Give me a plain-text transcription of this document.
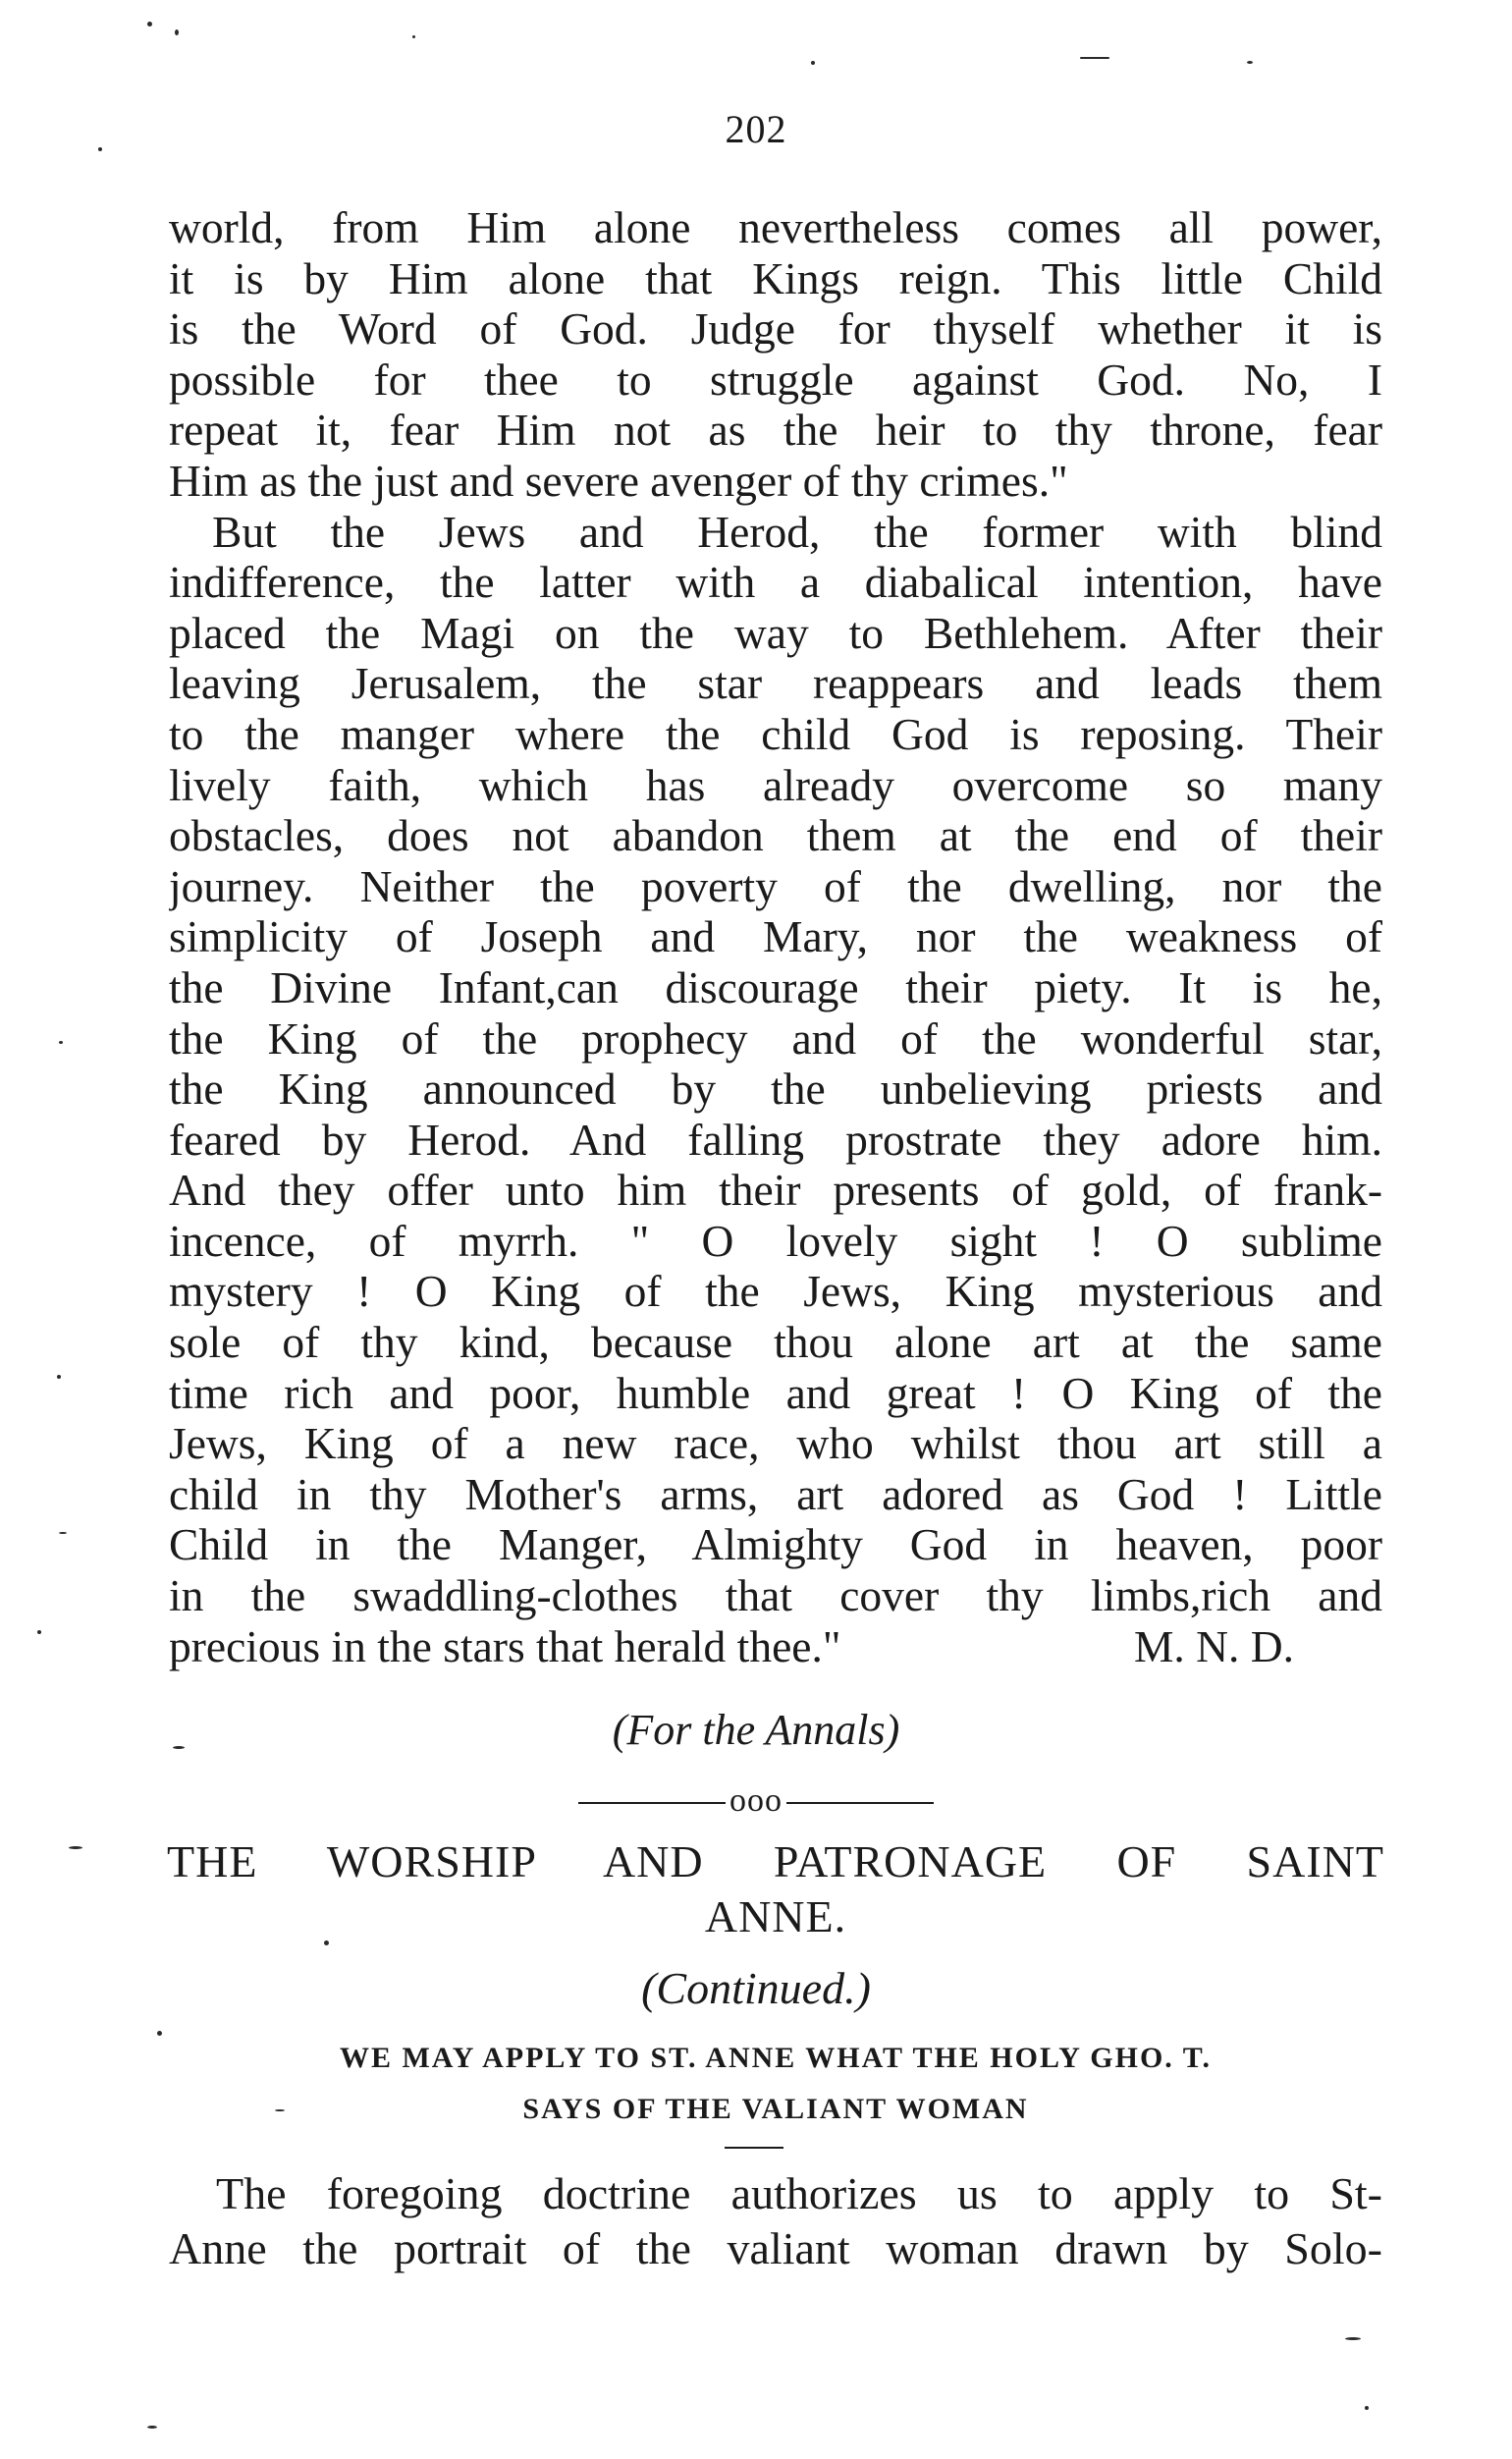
202
world, from Him alone nevertheless comes all power,
it is by Him alone that Kings reign. This little Child
is the Word of God. Judge for thyself whether it is
possible for thee to struggle against God. No, I
repeat it, fear Him not as the heir to thy throne, fear
Him as the just and severe avenger of thy crimes."
But the Jews and Herod, the former with blind
indifference, the latter with a diabalical intention, have
placed the Magi on the way to Bethlehem. After their
leaving Jerusalem, the star reappears and leads them
to the manger where the child God is reposing. Their
lively faith, which has already overcome so many
obstacles, does not abandon them at the end of their
journey. Neither the poverty of the dwelling, nor the
simplicity of Joseph and Mary, nor the weakness of
the Divine Infant,can discourage their piety. It is he,
the King of the prophecy and of the wonderful star,
the King announced by the unbelieving priests and
feared by Herod. And falling prostrate they adore him.
And they offer unto him their presents of gold, of frank-
incence, of myrrh. " O lovely sight ! O sublime
mystery ! O King of the Jews, King mysterious and
sole of thy kind, because thou alone art at the same
time rich and poor, humble and great ! O King of the
Jews, King of a new race, who whilst thou art still a
child in thy Mother's arms, art adored as God ! Little
Child in the Manger, Almighty God in heaven, poor
in the swaddling-clothes that cover thy limbs,rich and
precious in the stars that herald thee."	M. N. D.
(For the Annals)
ooo
THE WORSHIP AND PATRONAGE OF SAINT
ANNE.
(Continued.)
WE MAY APPLY TO ST. ANNE WHAT THE HOLY GHO. T.
SAYS OF THE VALIANT WOMAN
The foregoing doctrine authorizes us to apply to St-
Anne the portrait of the valiant woman drawn by Solo-
